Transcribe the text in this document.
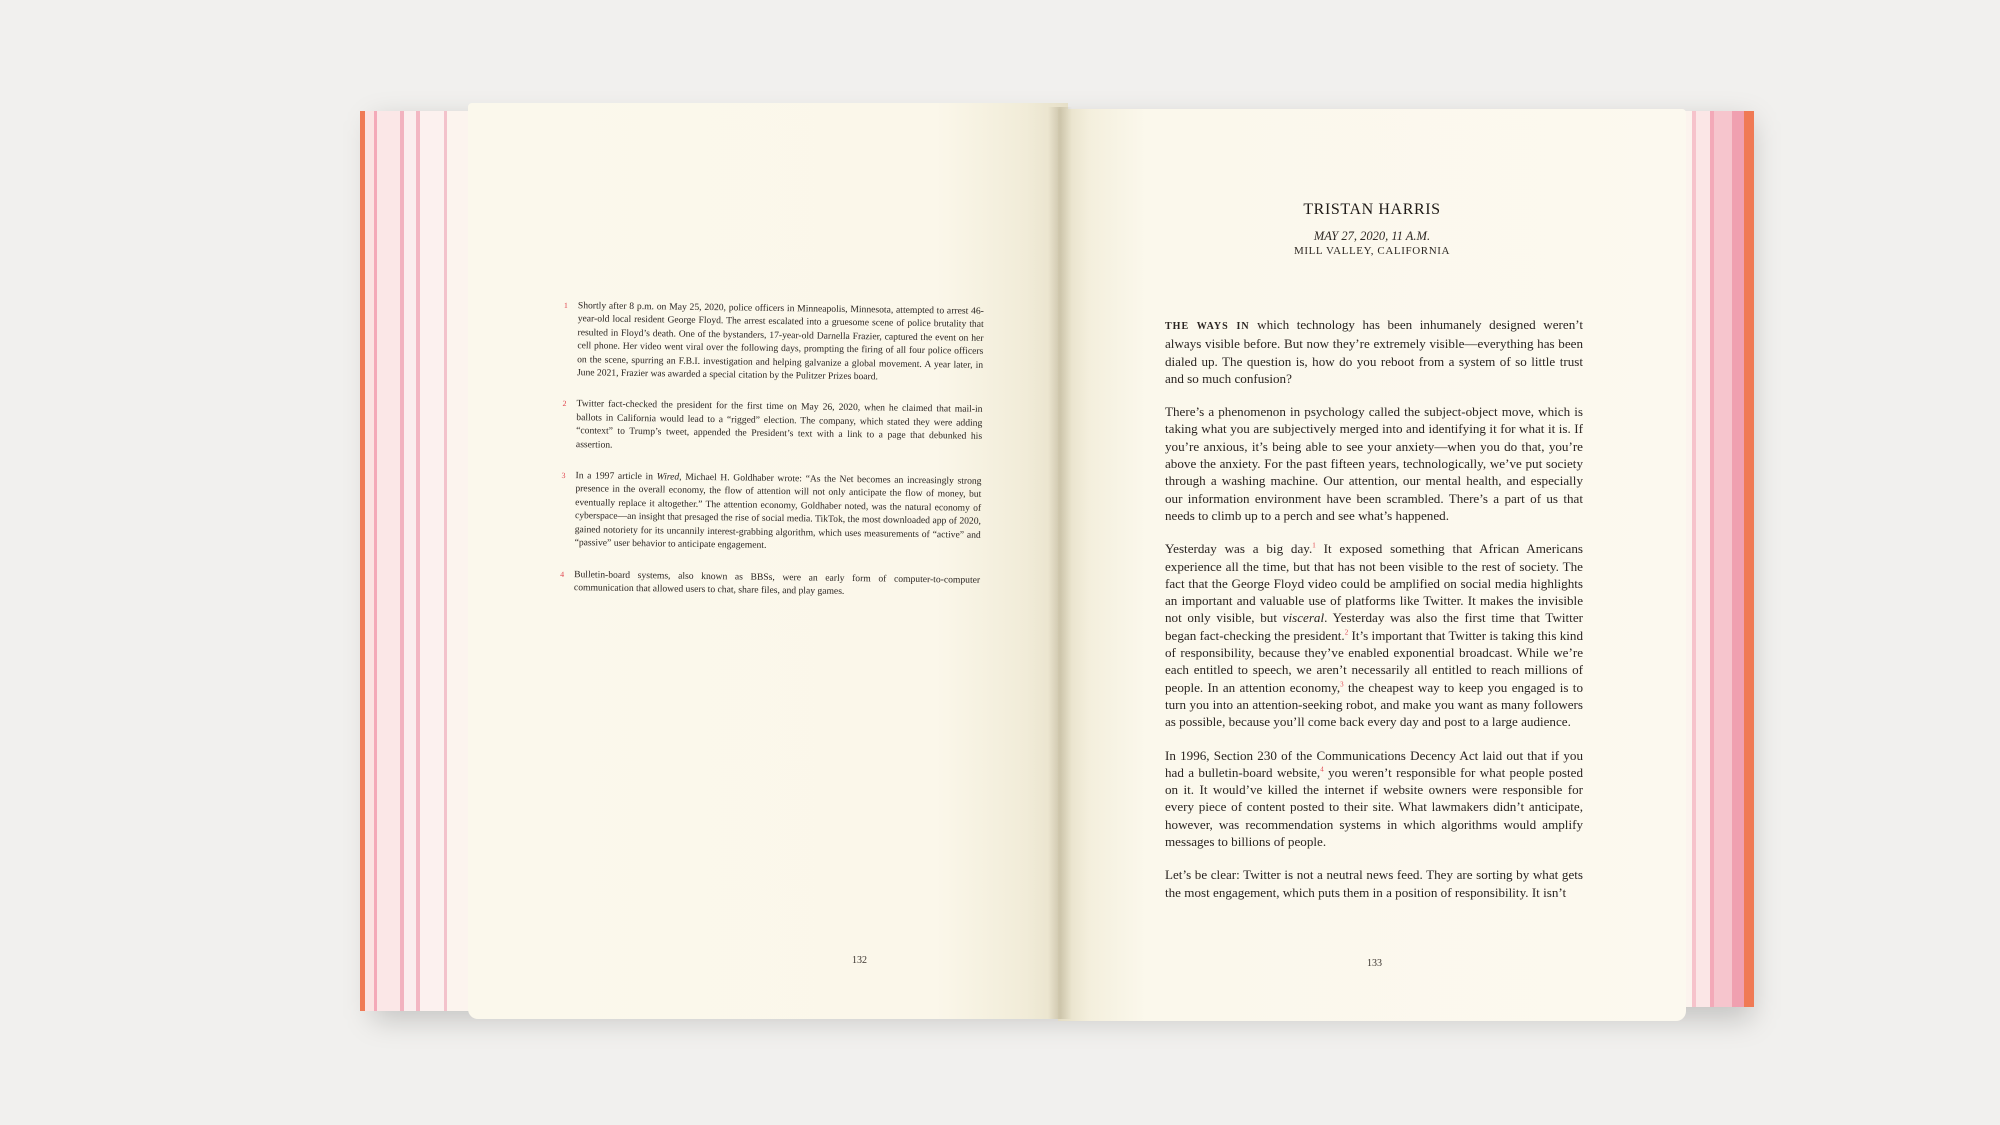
1 Shortly after 8 p.m. on May 25, 2020, police officers in Minneapolis, Minnesota, attempted to arrest 46-year-old local resident George Floyd. The arrest escalated into a gruesome scene of police brutality that resulted in Floyd’s death. One of the bystanders, 17-year-old Darnella Frazier, captured the event on her cell phone. Her video went viral over the following days, prompting the firing of all four police officers on the scene, spurring an F.B.I. investigation and helping galvanize a global movement. A year later, in June 2021, Frazier was awarded a special citation by the Pulitzer Prizes board.
2 Twitter fact-checked the president for the first time on May 26, 2020, when he claimed that mail-in ballots in California would lead to a “rigged” election. The company, which stated they were adding “context” to Trump’s tweet, appended the President’s text with a link to a page that debunked his assertion.
3 In a 1997 article in Wired, Michael H. Goldhaber wrote: “As the Net becomes an increasingly strong presence in the overall economy, the flow of attention will not only anticipate the flow of money, but eventually replace it altogether.” The attention economy, Goldhaber noted, was the natural economy of cyberspace—an insight that presaged the rise of social media. TikTok, the most downloaded app of 2020, gained notoriety for its uncannily interest-grabbing algorithm, which uses measurements of “active” and “passive” user behavior to anticipate engagement.
4 Bulletin-board systems, also known as BBSs, were an early form of computer-to-computer communication that allowed users to chat, share files, and play games.
132
TRISTAN HARRIS
MAY 27, 2020, 11 A.M.
MILL VALLEY, CALIFORNIA

THE WAYS IN which technology has been inhumanely designed weren’t always visible before. But now they’re extremely visible—everything has been dialed up. The question is, how do you reboot from a system of so little trust and so much confusion?

There’s a phenomenon in psychology called the subject-object move, which is taking what you are subjectively merged into and identifying it for what it is. If you’re anxious, it’s being able to see your anxiety—when you do that, you’re above the anxiety. For the past fifteen years, technologically, we’ve put society through a washing machine. Our attention, our mental health, and especially our information environment have been scrambled. There’s a part of us that needs to climb up to a perch and see what’s happened.

Yesterday was a big day.$^1$ It exposed something that African Americans experience all the time, but that has not been visible to the rest of society. The fact that the George Floyd video could be amplified on social media highlights an important and valuable use of platforms like Twitter. It makes the invisible not only visible, but visceral. Yesterday was also the first time that Twitter began fact-checking the president.$^2$ It’s important that Twitter is taking this kind of responsibility, because they’ve enabled exponential broadcast. While we’re each entitled to speech, we aren’t necessarily all entitled to reach millions of people. In an attention economy,$^3$ the cheapest way to keep you engaged is to turn you into an attention-seeking robot, and make you want as many followers as possible, because you’ll come back every day and post to a large audience.

In 1996, Section 230 of the Communications Decency Act laid out that if you had a bulletin-board website,$^4$ you weren’t responsible for what people posted on it. It would’ve killed the internet if website owners were responsible for every piece of content posted to their site. What lawmakers didn’t anticipate, however, was recommendation systems in which algorithms would amplify messages to billions of people.

Let’s be clear: Twitter is not a neutral news feed. They are sorting by what gets the most engagement, which puts them in a position of responsibility. It isn’t

133
